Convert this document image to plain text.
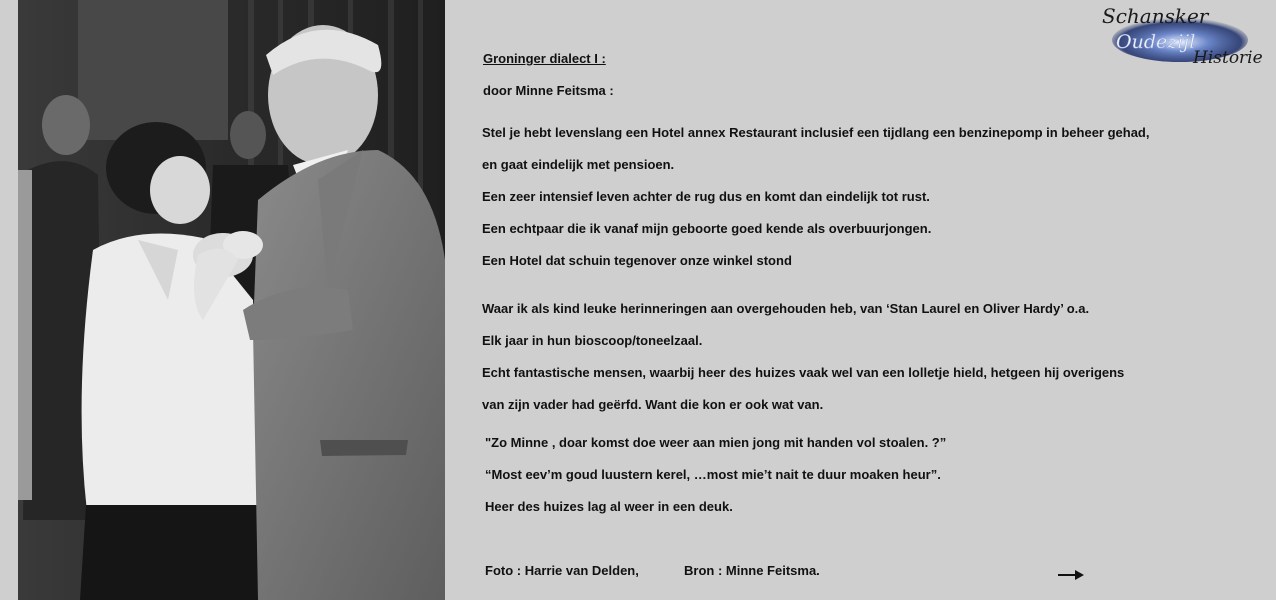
Schansker
Oudezijl
Historie
Groninger dialect I :
door Minne Feitsma :
Stel je hebt levenslang een Hotel annex Restaurant inclusief een tijdlang een benzinepomp in beheer gehad,
en gaat eindelijk met pensioen.
Een zeer intensief leven achter de rug dus en komt dan eindelijk tot rust.
Een echtpaar die ik vanaf mijn geboorte goed kende als overbuurjongen.
Een Hotel dat schuin tegenover onze winkel stond
Waar ik als kind leuke herinneringen aan overgehouden heb, van ‘Stan Laurel en Oliver Hardy’ o.a.
Elk jaar in hun bioscoop/toneelzaal.
Echt fantastische mensen, waarbij heer des huizes vaak wel van een lolletje hield, hetgeen hij overigens
van zijn vader had geërfd. Want die kon er ook wat van.
"Zo Minne , doar komst doe weer aan mien jong mit handen vol stoalen. ?”
“Most eev’m goud luustern kerel, …most mie’t nait te duur moaken heur”.
Heer des huizes lag al weer in een deuk.
Foto : Harrie van Delden,	Bron : Minne Feitsma.
